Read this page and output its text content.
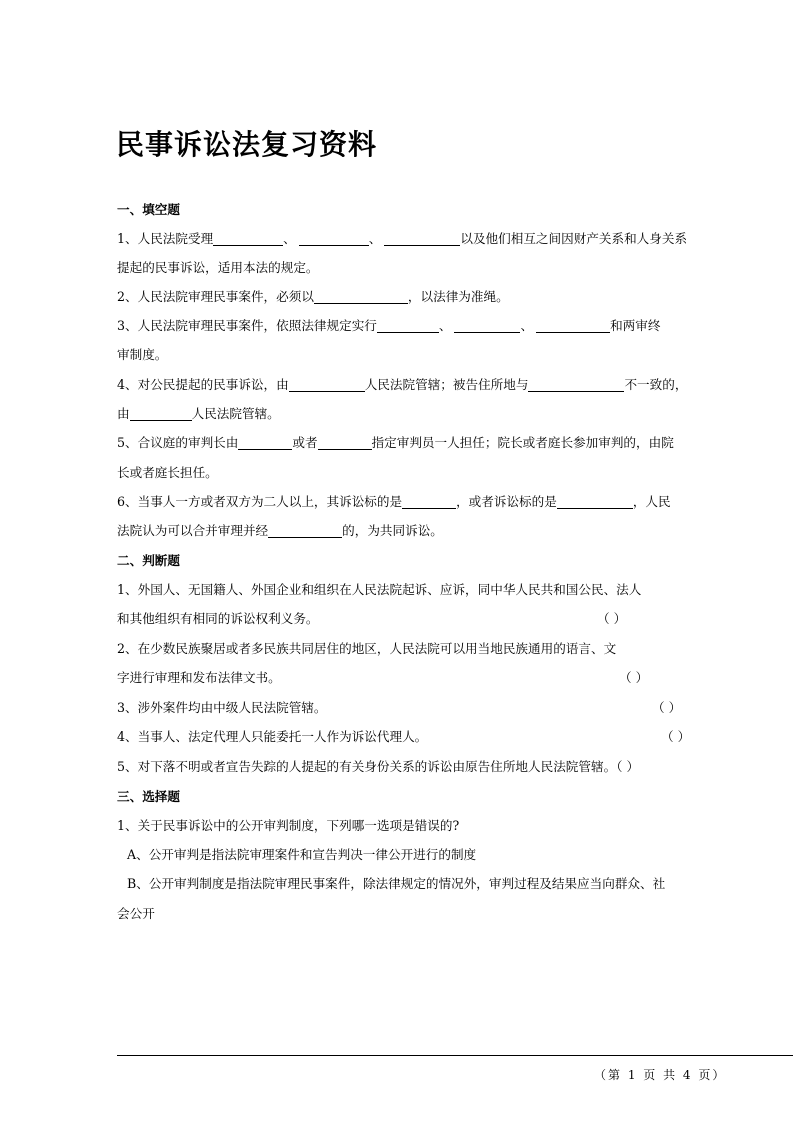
民事诉讼法复习资料
一、填空题
1、人民法院受理	、	、	以及他们相互之间因财产关系和人身关系
提起的民事诉讼，适用本法的规定。
2、人民法院审理民事案件，必须以	，以法律为准绳。
3、人民法院审理民事案件，依照法律规定实行	、	、	和两审终
审制度。
4、对公民提起的民事诉讼，由	人民法院管辖；被告住所地与	不一致的，
由	人民法院管辖。
5、合议庭的审判长由	或者	指定审判员一人担任；院长或者庭长参加审判的，由院
长或者庭长担任。
6、当事人一方或者双方为二人以上，其诉讼标的是	，或者诉讼标的是	，人民
法院认为可以合并审理并经	的，为共同诉讼。
二、判断题
1、外国人、无国籍人、外国企业和组织在人民法院起诉、应诉，同中华人民共和国公民、法人
和其他组织有相同的诉讼权利义务。	（ ）
2、在少数民族聚居或者多民族共同居住的地区，人民法院可以用当地民族通用的语言、文
字进行审理和发布法律文书。	（ ）
3、涉外案件均由中级人民法院管辖。	（ ）
4、当事人、法定代理人只能委托一人作为诉讼代理人。	（ ）
5、对下落不明或者宣告失踪的人提起的有关身份关系的诉讼由原告住所地人民法院管辖。（ ）
三、选择题
1、关于民事诉讼中的公开审判制度，下列哪一选项是错误的?
A、公开审判是指法院审理案件和宣告判决一律公开进行的制度
B、公开审判制度是指法院审理民事案件，除法律规定的情况外，审判过程及结果应当向群众、社
会公开
（第 1 页 共 4 页）
